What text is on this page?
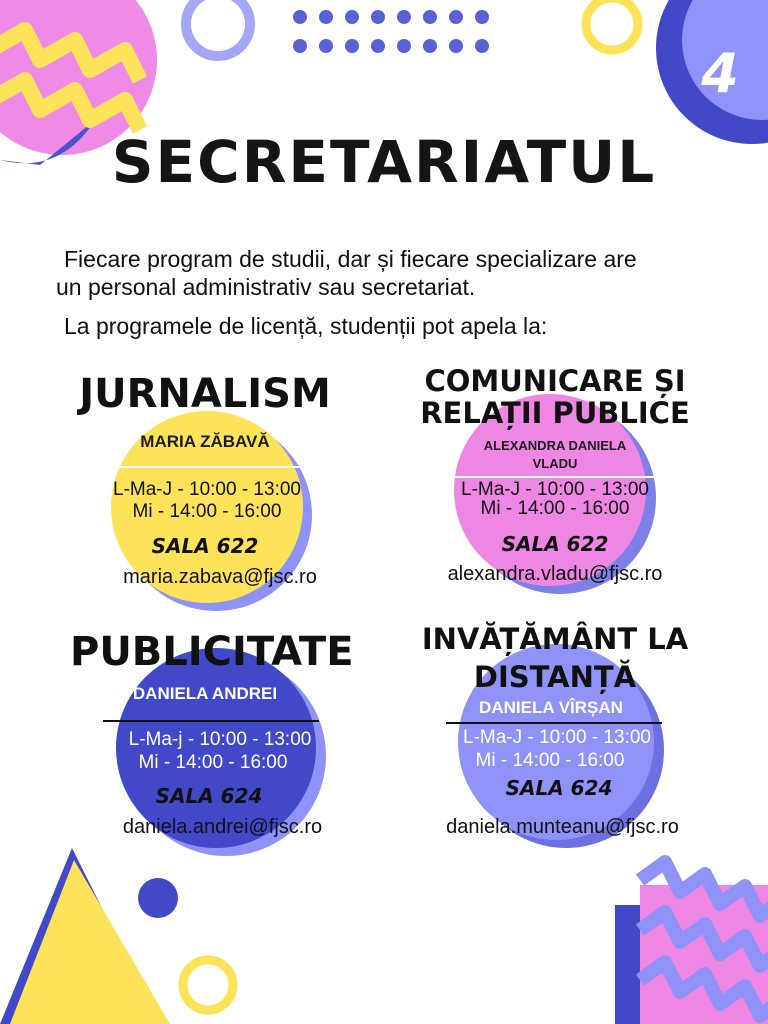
4
SECRETARIATUL
Fiecare program de studii, dar și fiecare specializare are
un personal administrativ sau secretariat.
La programele de licență, studenții pot apela la:
JURNALISM
MARIA ZĂBAVĂ
L-Ma-J - 10:00 - 13:00
Mi - 14:00 - 16:00
SALA 622
maria.zabava@fjsc.ro
COMUNICARE ȘI
RELAȚII PUBLICE
ALEXANDRA DANIELA
VLADU
L-Ma-J - 10:00 - 13:00
Mi - 14:00 - 16:00
SALA 622
alexandra.vladu@fjsc.ro
PUBLICITATE
DANIELA ANDREI
L-Ma-j - 10:00 - 13:00
Mi - 14:00 - 16:00
SALA 624
daniela.andrei@fjsc.ro
INVĂȚĂMÂNT LA
DISTANȚĂ
DANIELA VÎRȘAN
L-Ma-J - 10:00 - 13:00
Mi - 14:00 - 16:00
SALA 624
daniela.munteanu@fjsc.ro
